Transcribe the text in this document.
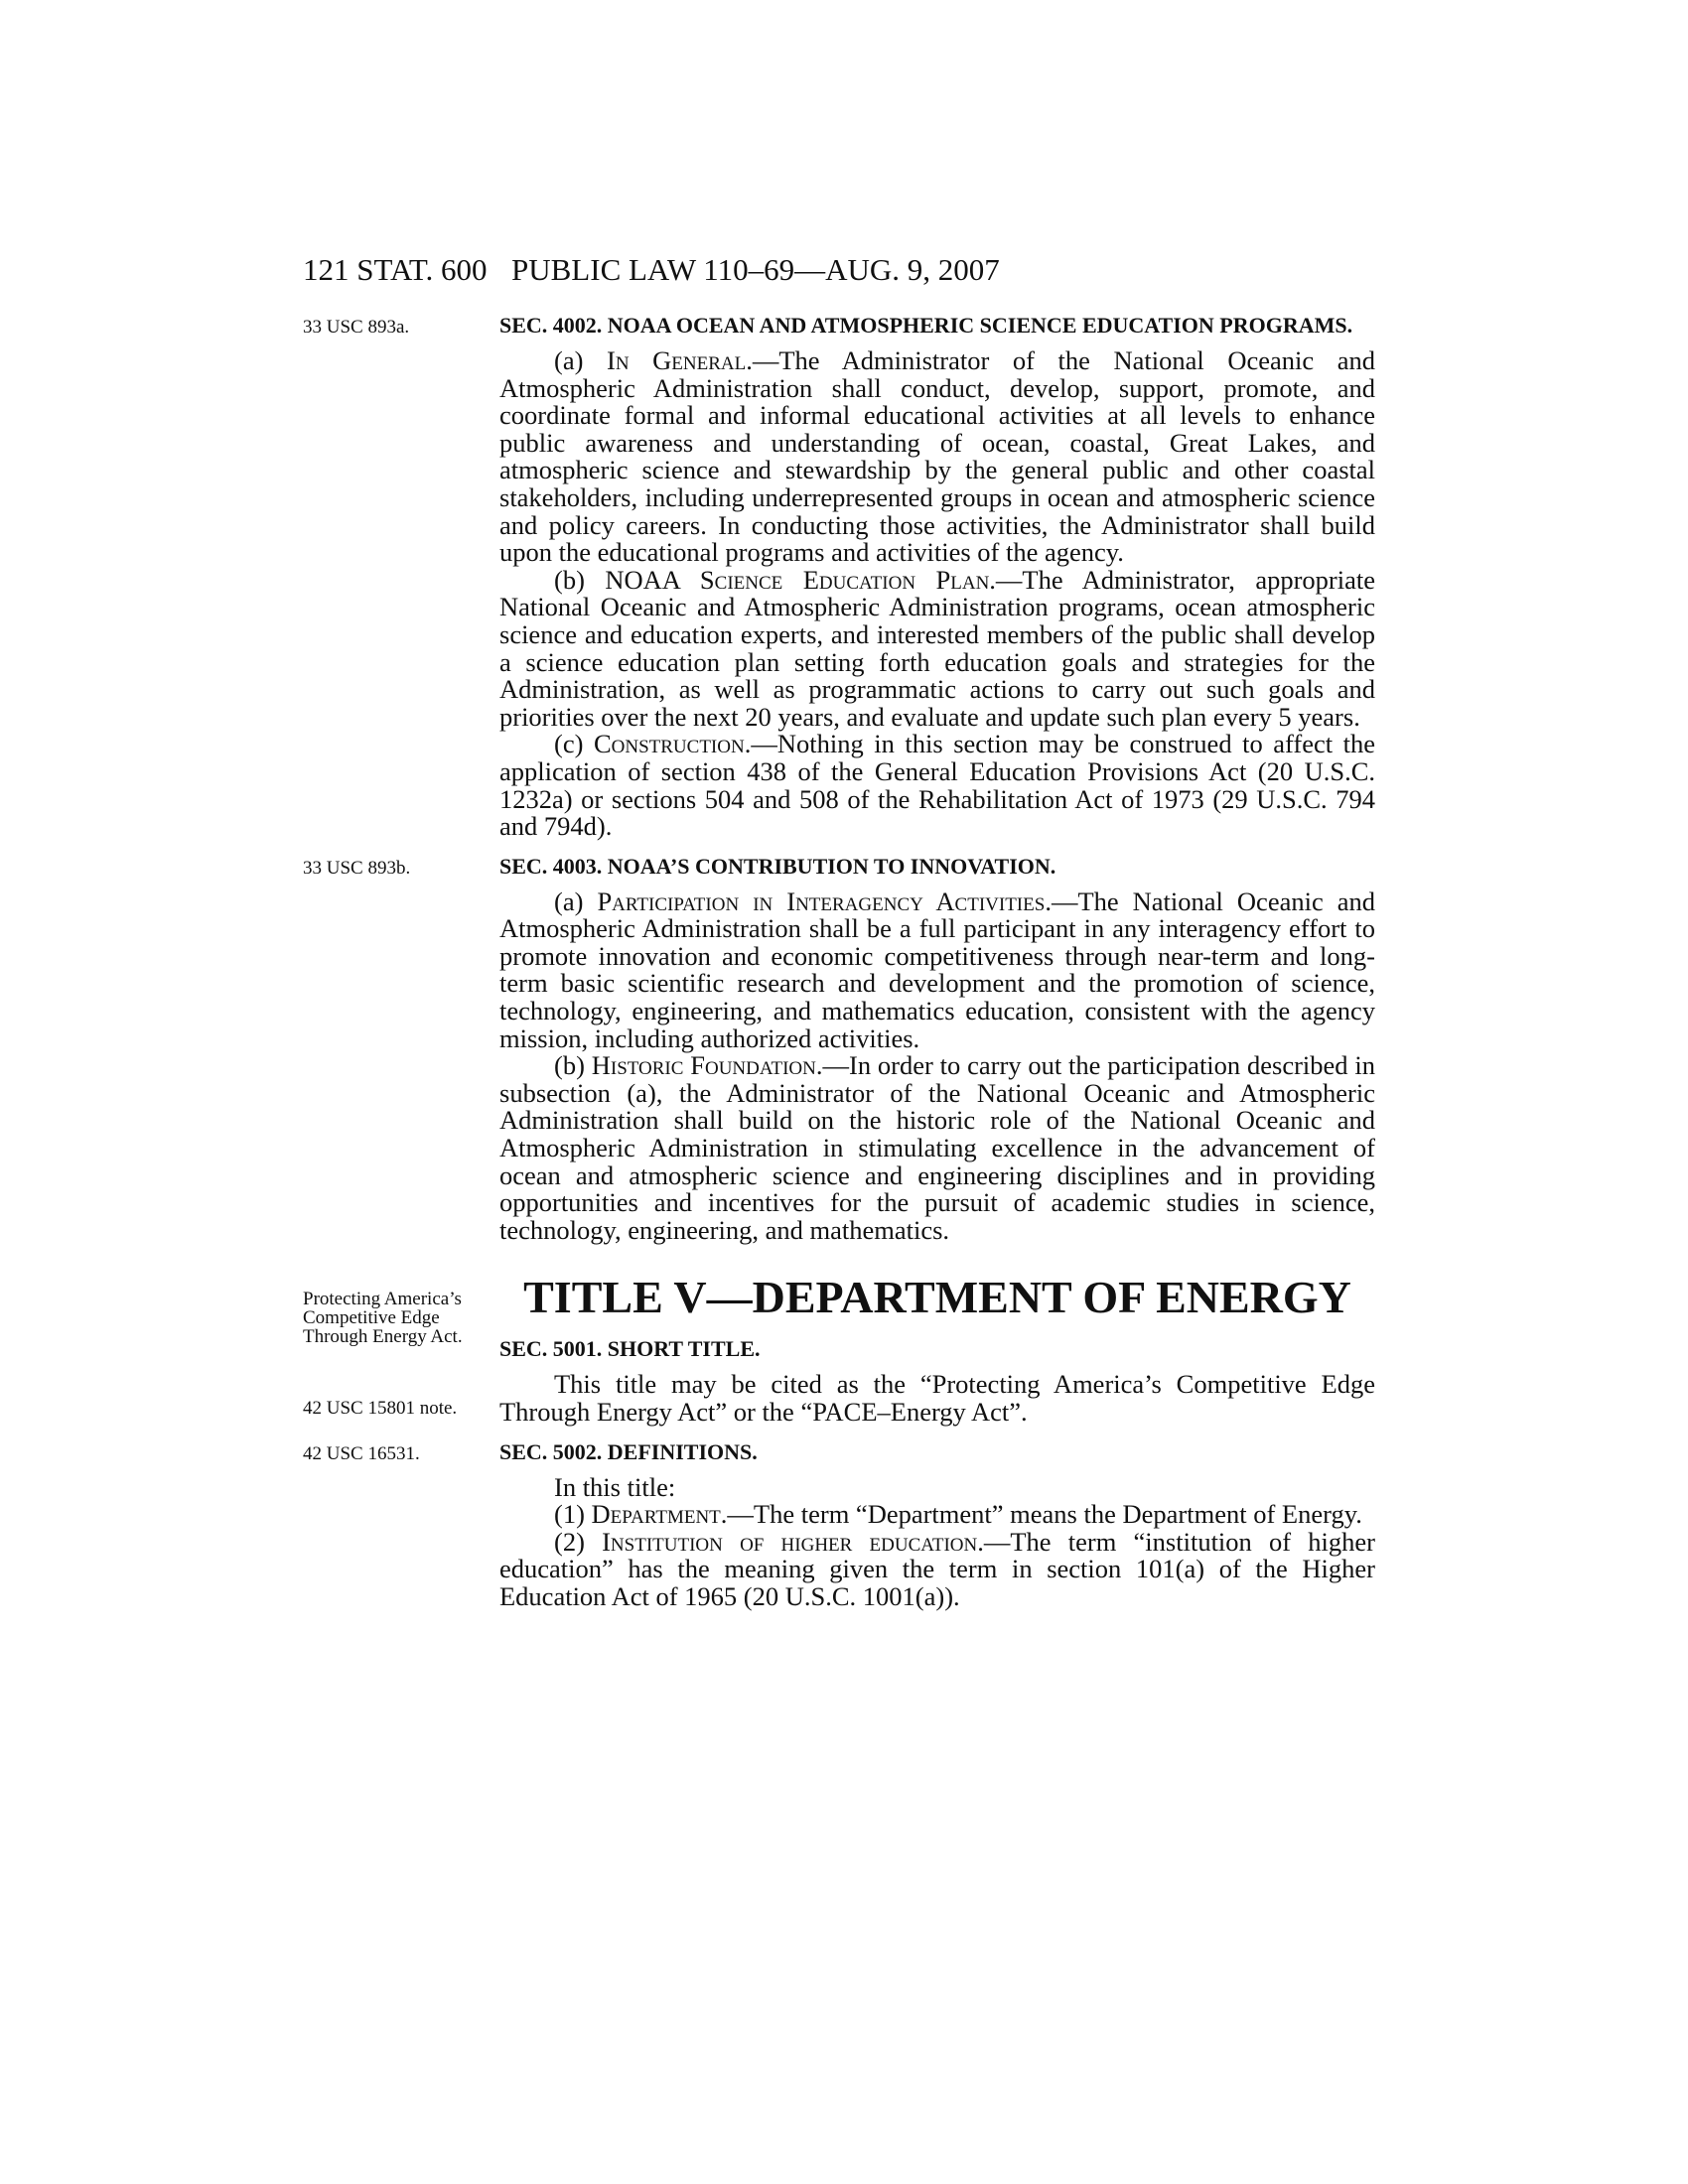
121 STAT. 600 PUBLIC LAW 110–69—AUG. 9, 2007
33 USC 893a.	SEC. 4002. NOAA OCEAN AND ATMOSPHERIC SCIENCE EDUCATION PROGRAMS.

(a) In General.—The Administrator of the National Oceanic and Atmospheric Administration shall conduct, develop, support, promote, and coordinate formal and informal educational activities at all levels to enhance public awareness and understanding of ocean, coastal, Great Lakes, and atmospheric science and stewardship by the general public and other coastal stakeholders, including underrepresented groups in ocean and atmospheric science and policy careers. In conducting those activities, the Administrator shall build upon the educational programs and activities of the agency.

(b) NOAA Science Education Plan.—The Administrator, appropriate National Oceanic and Atmospheric Administration programs, ocean atmospheric science and education experts, and interested members of the public shall develop a science education plan setting forth education goals and strategies for the Administration, as well as programmatic actions to carry out such goals and priorities over the next 20 years, and evaluate and update such plan every 5 years.

(c) Construction.—Nothing in this section may be construed to affect the application of section 438 of the General Education Provisions Act (20 U.S.C. 1232a) or sections 504 and 508 of the Rehabilitation Act of 1973 (29 U.S.C. 794 and 794d).

33 USC 893b.	SEC. 4003. NOAA’S CONTRIBUTION TO INNOVATION.

(a) Participation in Interagency Activities.—The National Oceanic and Atmospheric Administration shall be a full participant in any interagency effort to promote innovation and economic competitiveness through near-term and long-term basic scientific research and development and the promotion of science, technology, engineering, and mathematics education, consistent with the agency mission, including authorized activities.

(b) Historic Foundation.—In order to carry out the participation described in subsection (a), the Administrator of the National Oceanic and Atmospheric Administration shall build on the historic role of the National Oceanic and Atmospheric Administration in stimulating excellence in the advancement of ocean and atmospheric science and engineering disciplines and in providing opportunities and incentives for the pursuit of academic studies in science, technology, engineering, and mathematics.

Protecting America’s Competitive Edge Through Energy Act.

TITLE V—DEPARTMENT OF ENERGY

42 USC 15801 note.

SEC. 5001. SHORT TITLE.

This title may be cited as the “Protecting America’s Competitive Edge Through Energy Act” or the “PACE–Energy Act”.

42 USC 16531.	SEC. 5002. DEFINITIONS.

In this title:

(1) Department.—The term “Department” means the Department of Energy.

(2) Institution of higher education.—The term “institution of higher education” has the meaning given the term in section 101(a) of the Higher Education Act of 1965 (20 U.S.C. 1001(a)).
